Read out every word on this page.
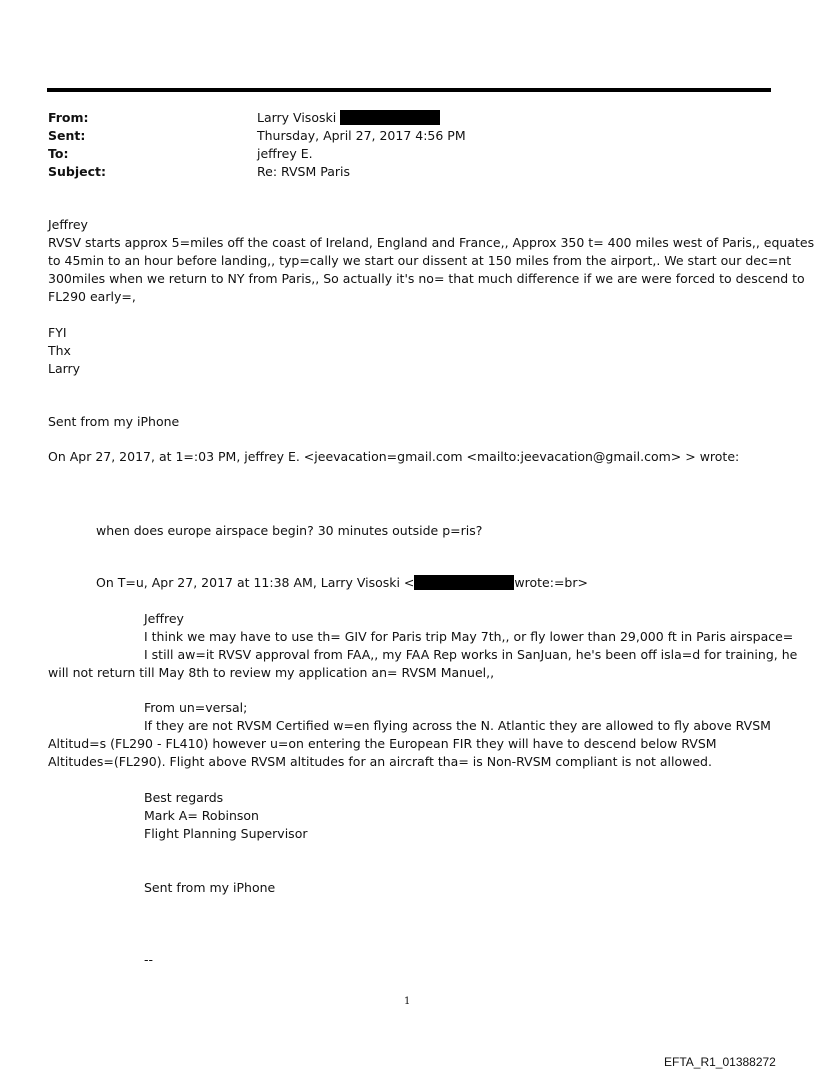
From:	Larry Visoski
Sent:	Thursday, April 27, 2017 4:56 PM
To:	jeffrey E.
Subject:	Re: RVSM Paris
Jeffrey
RVSV starts approx 5=miles off the coast of Ireland, England and France,, Approx 350 t= 400 miles west of Paris,, equates
to 45min to an hour before landing,, typ=cally we start our dissent at 150 miles from the airport,. We start our dec=nt
300miles when we return to NY from Paris,, So actually it's no= that much difference if we are were forced to descend to
FL290 early=,
FYI
Thx
Larry
Sent from my iPhone
On Apr 27, 2017, at 1=:03 PM, jeffrey E. <jeevacation=gmail.com <mailto:jeevacation@gmail.com> > wrote:
when does europe airspace begin? 30 minutes outside p=ris?
On T=u, Apr 27, 2017 at 11:38 AM, Larry Visoski <	wrote:=br>
Jeffrey
I think we may have to use th= GIV for Paris trip May 7th,, or fly lower than 29,000 ft in Paris airspace=
I still aw=it RVSV approval from FAA,, my FAA Rep works in SanJuan, he's been off isla=d for training, he
will not return till May 8th to review my application an= RVSM Manuel,,
From un=versal;
If they are not RVSM Certified w=en flying across the N. Atlantic they are allowed to fly above RVSM
Altitud=s (FL290 - FL410) however u=on entering the European FIR they will have to descend below RVSM
Altitudes=(FL290). Flight above RVSM altitudes for an aircraft tha= is Non-RVSM compliant is not allowed.
Best regards
Mark A= Robinson
Flight Planning Supervisor
Sent from my iPhone
--
1
EFTA_R1_01388272
